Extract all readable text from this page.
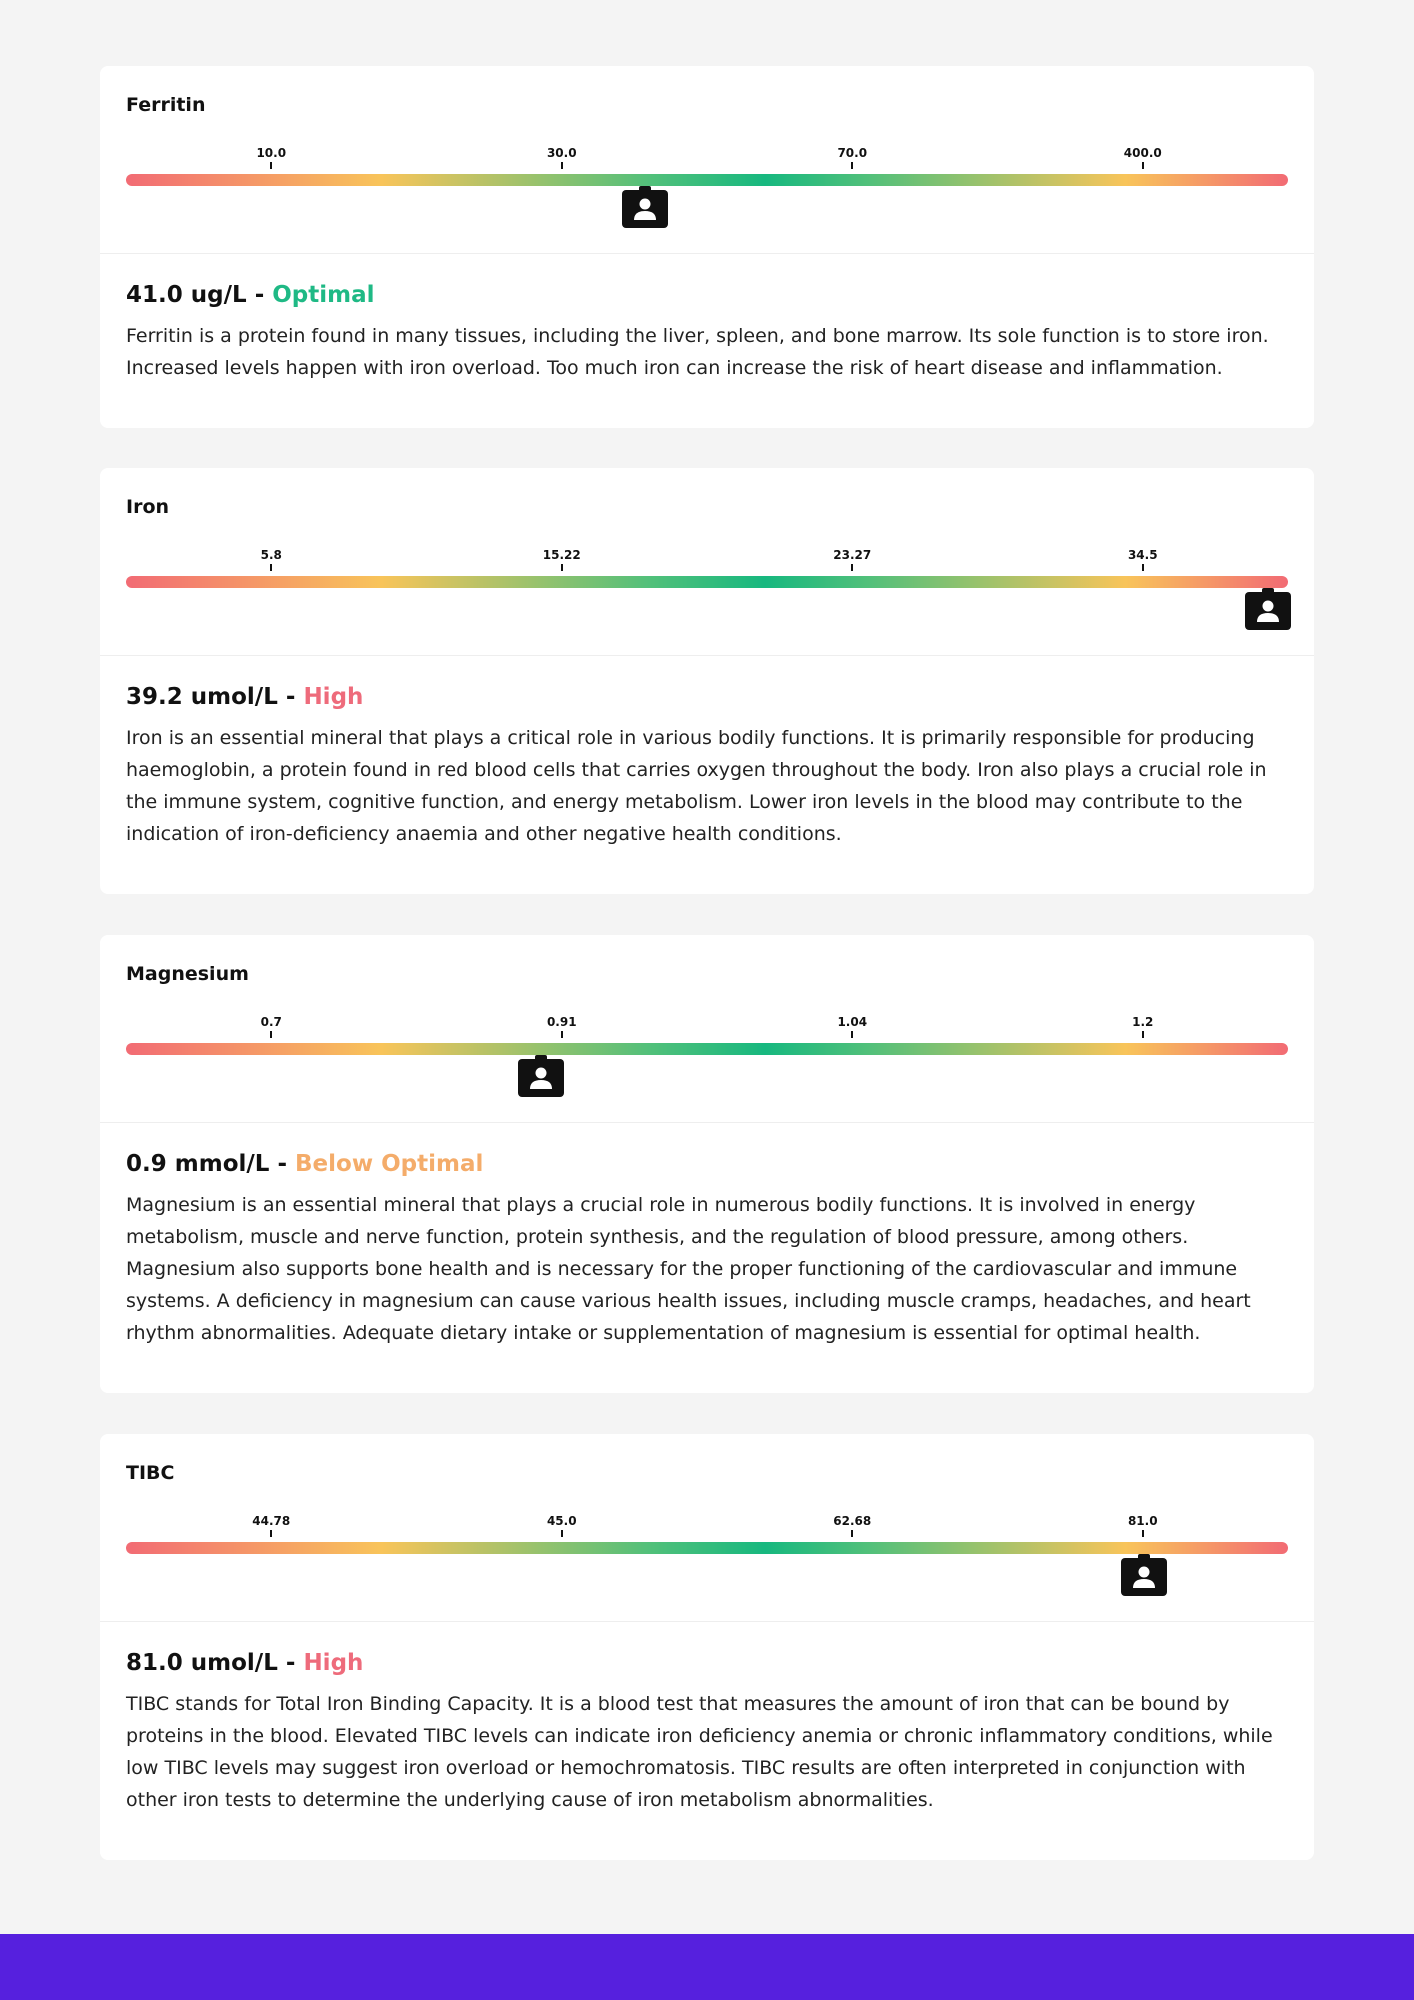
Ferritin
10.0	30.0	70.0	400.0

41.0 ug/L - Optimal

Ferritin is a protein found in many tissues, including the liver, spleen, and bone marrow. Its sole function is to store iron. Increased levels happen with iron overload. Too much iron can increase the risk of heart disease and inflammation.

Iron
5.8	15.22	23.27	34.5

39.2 umol/L - High

Iron is an essential mineral that plays a critical role in various bodily functions. It is primarily responsible for producing haemoglobin, a protein found in red blood cells that carries oxygen throughout the body. Iron also plays a crucial role in the immune system, cognitive function, and energy metabolism. Lower iron levels in the blood may contribute to the indication of iron-deficiency anaemia and other negative health conditions.

Magnesium
0.7	0.91	1.04	1.2

0.9 mmol/L - Below Optimal

Magnesium is an essential mineral that plays a crucial role in numerous bodily functions. It is involved in energy metabolism, muscle and nerve function, protein synthesis, and the regulation of blood pressure, among others. Magnesium also supports bone health and is necessary for the proper functioning of the cardiovascular and immune systems. A deficiency in magnesium can cause various health issues, including muscle cramps, headaches, and heart rhythm abnormalities. Adequate dietary intake or supplementation of magnesium is essential for optimal health.

TIBC
44.78	45.0	62.68	81.0

81.0 umol/L - High

TIBC stands for Total Iron Binding Capacity. It is a blood test that measures the amount of iron that can be bound by proteins in the blood. Elevated TIBC levels can indicate iron deficiency anemia or chronic inflammatory conditions, while low TIBC levels may suggest iron overload or hemochromatosis. TIBC results are often interpreted in conjunction with other iron tests to determine the underlying cause of iron metabolism abnormalities.
